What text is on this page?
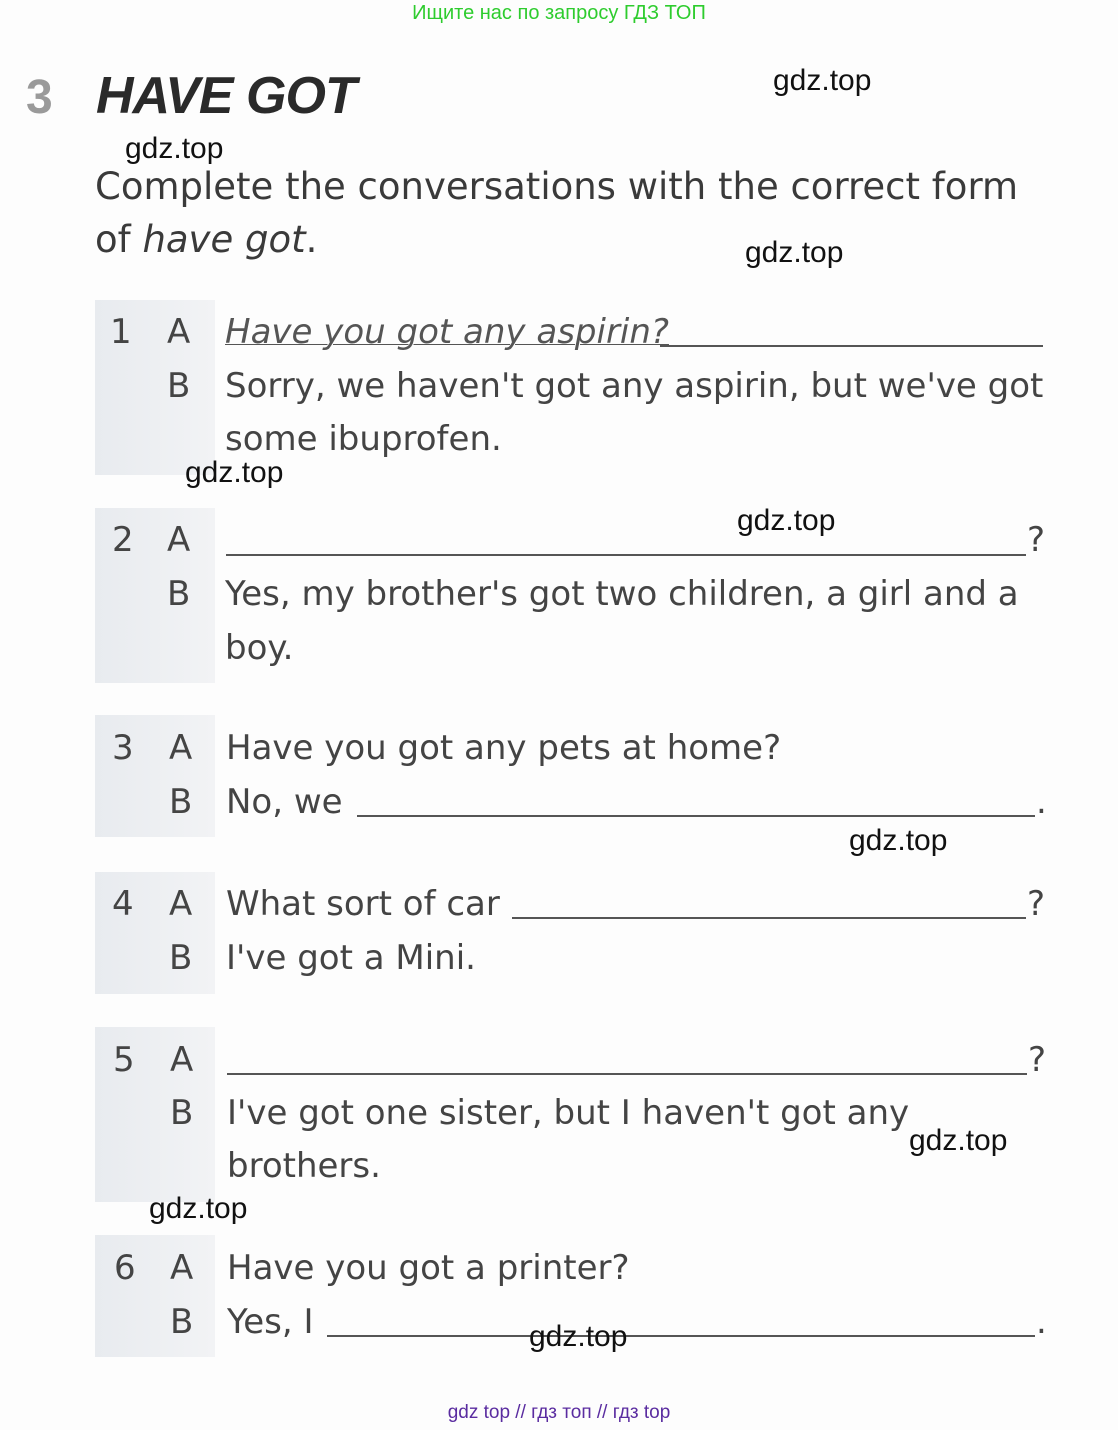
Ищите нас по запросу ГДЗ ТОП
3 HAVE GOT
Complete the conversations with the correct form
of have got.
1 A Have you got any aspirin?
B Sorry, we haven't got any aspirin, but we've got
some ibuprofen.
2 A	?
B Yes, my brother's got two children, a girl and a
boy.
3 A Have you got any pets at home?
B No, we	.
4 A What sort of car	?
B I've got a Mini.
5 A	?
B I've got one sister, but I haven't got any
brothers.
6 A Have you got a printer?
B Yes, I	.
gdz.top
gdz.top
gdz.top
gdz.top
gdz.top
gdz.top
gdz.top
gdz.top
gdz.top
gdz top // гдз топ // гдз top
